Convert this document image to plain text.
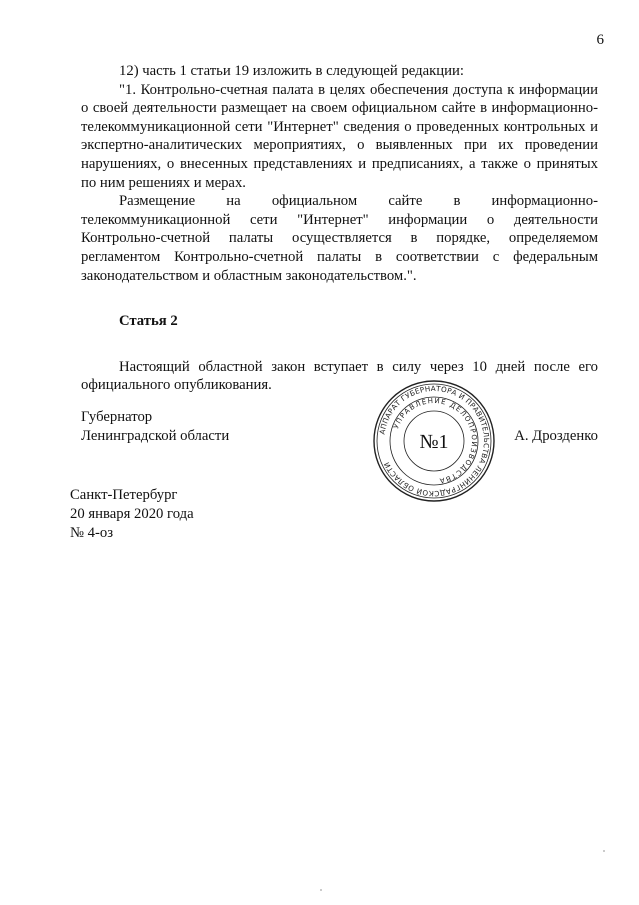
6

12) часть 1 статьи 19 изложить в следующей редакции:

"1. Контрольно-счетная палата в целях обеспечения доступа к информации о своей деятельности размещает на своем официальном сайте в информационно-телекоммуникационной сети "Интернет" сведения о проведенных контрольных и экспертно-аналитических мероприятиях, о выявленных при их проведении нарушениях, о внесенных представлениях и предписаниях, а также о принятых по ним решениях и мерах.

Размещение на официальном сайте в информационно-телекоммуникационной сети "Интернет" информации о деятельности Контрольно-счетной палаты осуществляется в порядке, определяемом регламентом Контрольно-счетной палаты в соответствии с федеральным законодательством и областным законодательством.".

Статья 2

Настоящий областной закон вступает в силу через 10 дней после его официального опубликования.

Губернатор
Ленинградской области	АППАРАТ ГУБЕРНАТОРА И ПРАВИТЕЛЬСТВА ЛЕНИНГРАДСКОЙ ОБЛАСТИ
УПРАВЛЕНИЕ ДЕЛОПРОИЗВОДСТВА
№1	А. Дрозденко
Санкт-Петербург
20 января 2020 года
№ 4-оз
